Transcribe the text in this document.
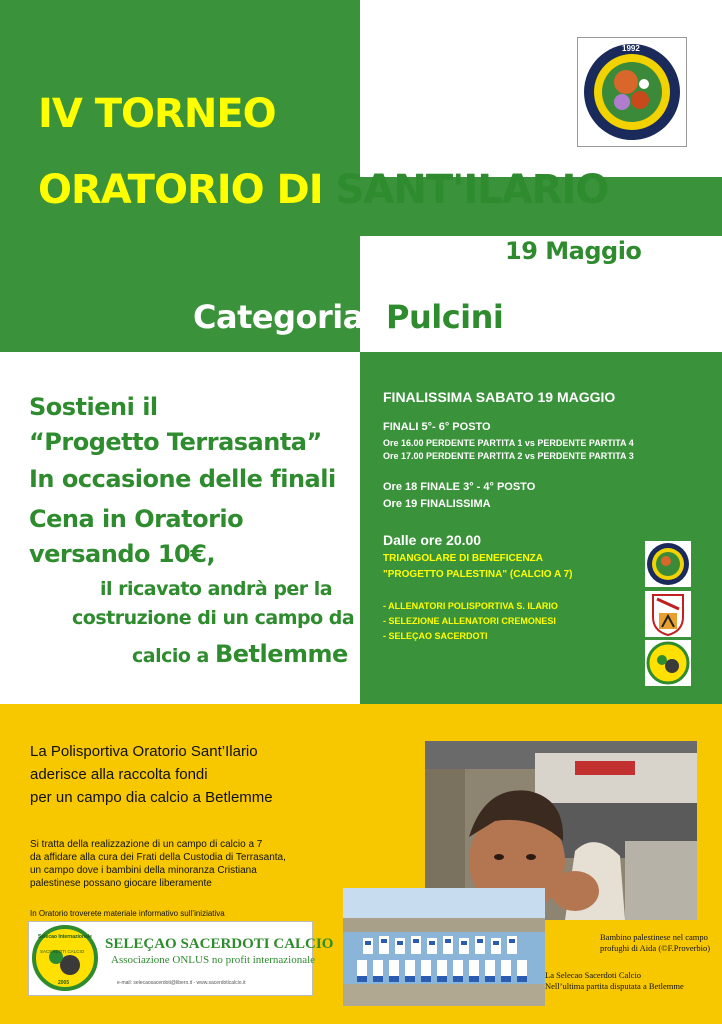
IV TORNEO
ORATORIO DI SANT'ILARIO
19 Maggio
Categoria Pulcini
1992
Sostieni il
“Progetto Terrasanta”
In occasione delle finali
Cena in Oratorio
versando 10€,
il ricavato andrà per la
costruzione di un campo da
calcio a Betlemme
FINALISSIMA SABATO 19 MAGGIO
FINALI 5°- 6° POSTO
Ore 16.00 PERDENTE PARTITA 1 vs PERDENTE PARTITA 4
Ore 17.00 PERDENTE PARTITA 2 vs PERDENTE PARTITA 3
Ore 18 FINALE 3° - 4° POSTO
Ore 19 FINALISSIMA
Dalle ore 20.00
TRIANGOLARE DI BENEFICENZA
"PROGETTO PALESTINA" (CALCIO A 7)
- ALLENATORI POLISPORTIVA S. ILARIO
- SELEZIONE ALLENATORI CREMONESI
- SELEÇAO SACERDOTI
La Polisportiva Oratorio Sant’Ilario
aderisce alla raccolta fondi
per un campo dia calcio a Betlemme
Si tratta della realizzazione di un campo di calcio a 7
da affidare alla cura dei Frati della Custodia di Terrasanta,
un campo dove i bambini della minoranza Cristiana
palestinese possano giocare liberamente
In Oratorio troverete materiale informativo sull’iniziativa
Selecao Internazionale
SACERDOTI CALCIO
2005
SELEÇAO SACERDOTI CALCIO
Associazione ONLUS no profit internazionale
e-mail: selecaosacerdoti@libero.it - www.sacerdoticalcio.it
Bambino palestinese nel campo
profughi di Aida (©F.Proverbio)
La Selecao Sacerdoti Calcio
Nell’ultima partita disputata a Betlemme
